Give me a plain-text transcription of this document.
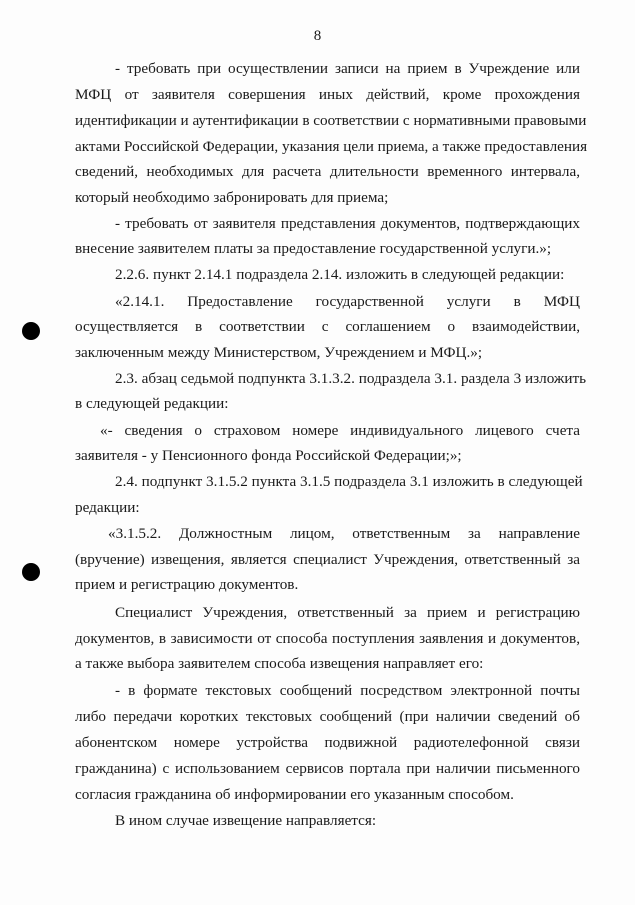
8
- требовать при осуществлении записи на прием в Учреждение или
МФЦ от заявителя совершения иных действий, кроме прохождения
идентификации и аутентификации в соответствии с нормативными правовыми
актами Российской Федерации, указания цели приема, а также предоставления
сведений, необходимых для расчета длительности временного интервала,
который необходимо забронировать для приема;
- требовать от заявителя представления документов, подтверждающих
внесение заявителем платы за предоставление государственной услуги.»;
2.2.6. пункт 2.14.1 подраздела 2.14. изложить в следующей редакции:
«2.14.1. Предоставление государственной услуги в МФЦ
осуществляется в соответствии с соглашением о взаимодействии,
заключенным между Министерством, Учреждением и МФЦ.»;
2.3. абзац седьмой подпункта 3.1.3.2. подраздела 3.1. раздела 3 изложить
в следующей редакции:
«- сведения о страховом номере индивидуального лицевого счета
заявителя - у Пенсионного фонда Российской Федерации;»;
2.4. подпункт 3.1.5.2 пункта 3.1.5 подраздела 3.1 изложить в следующей
редакции:
«3.1.5.2. Должностным лицом, ответственным за направление
(вручение) извещения, является специалист Учреждения, ответственный за
прием и регистрацию документов.
Специалист Учреждения, ответственный за прием и регистрацию
документов, в зависимости от способа поступления заявления и документов,
а также выбора заявителем способа извещения направляет его:
- в формате текстовых сообщений посредством электронной почты
либо передачи коротких текстовых сообщений (при наличии сведений об
абонентском номере устройства подвижной радиотелефонной связи
гражданина) с использованием сервисов портала при наличии письменного
согласия гражданина об информировании его указанным способом.
В ином случае извещение направляется:
